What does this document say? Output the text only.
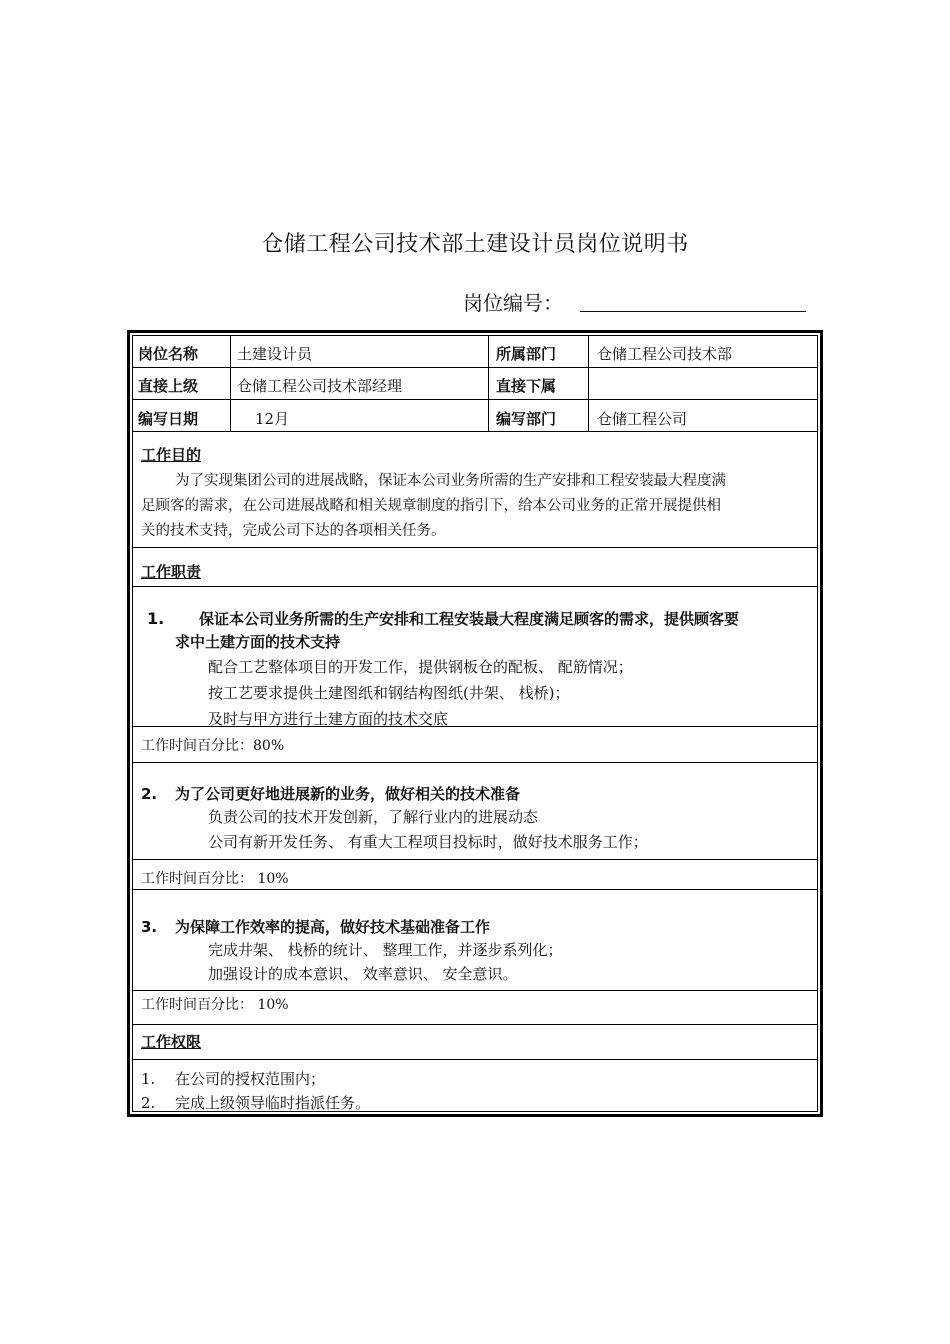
仓储工程公司技术部土建设计员岗位说明书
岗位编号：
岗位名称	土建设计员	所属部门	仓储工程公司技术部
直接上级	仓储工程公司技术部经理	直接下属
编写日期	12月	编写部门	仓储工程公司
工作目的
为了实现集团公司的进展战略，保证本公司业务所需的生产安排和工程安装最大程度满
足顾客的需求，在公司进展战略和相关规章制度的指引下，给本公司业务的正常开展提供相
关的技术支持，完成公司下达的各项相关任务。
工作职责
1. 保证本公司业务所需的生产安排和工程安装最大程度满足顾客的需求，提供顾客要
求中土建方面的技术支持
配合工艺整体项目的开发工作，提供钢板仓的配板、 配筋情况；
按工艺要求提供土建图纸和钢结构图纸(井架、 栈桥)；
及时与甲方进行土建方面的技术交底
工作时间百分比：80%
2. 为了公司更好地进展新的业务，做好相关的技术准备
负责公司的技术开发创新，了解行业内的进展动态
公司有新开发任务、 有重大工程项目投标时，做好技术服务工作；
工作时间百分比： 10%
3. 为保障工作效率的提高，做好技术基础准备工作
完成井架、 栈桥的统计、 整理工作，并逐步系列化；
加强设计的成本意识、 效率意识、 安全意识。
工作时间百分比： 10%
工作权限
1. 在公司的授权范围内；
2. 完成上级领导临时指派任务。
